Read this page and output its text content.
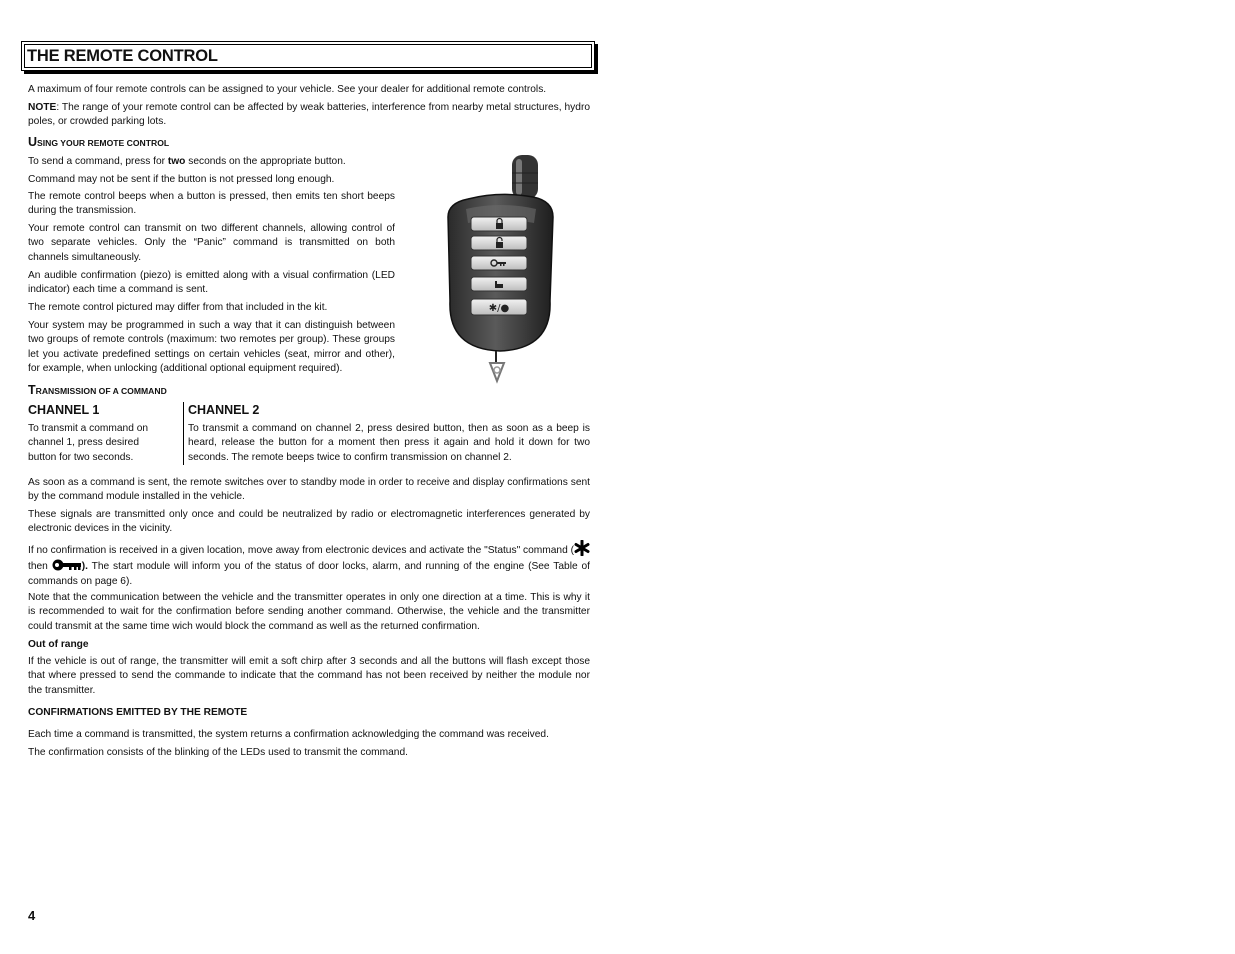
THE REMOTE CONTROL

A maximum of four remote controls can be assigned to your vehicle. See your dealer for additional remote controls.

NOTE: The range of your remote control can be affected by weak batteries, interference from nearby metal structures, hydro poles, or crowded parking lots.

USING YOUR REMOTE CONTROL

To send a command, press for two seconds on the appropriate button.

Command may not be sent if the button is not pressed long enough.

The remote control beeps when a button is pressed, then emits ten short beeps during the transmission.

Your remote control can transmit on two different channels, allowing control of two separate vehicles. Only the “Panic” command is transmitted on both channels simultaneously.

An audible confirmation (piezo) is emitted along with a visual confirmation (LED indicator) each time a command is sent.

The remote control pictured may differ from that included in the kit.

Your system may be programmed in such a way that it can distinguish between two groups of remote controls (maximum: two remotes per group). These groups let you activate predefined settings on certain vehicles (seat, mirror and other), for example, when unlocking (additional optional equipment required).

✱/●

TRANSMISSION OF A COMMAND

CHANNEL 1

To transmit a command on channel 1, press desired button for two seconds.

CHANNEL 2

To transmit a command on channel 2, press desired button, then as soon as a beep is heard, release the button for a moment then press it again and hold it down for two seconds. The remote beeps twice to confirm transmission on channel 2.

As soon as a command is sent, the remote switches over to standby mode in order to receive and display confirmations sent by the command module installed in the vehicle.

These signals are transmitted only once and could be neutralized by radio or electromagnetic interferences generated by electronic devices in the vicinity.

If no confirmation is received in a given location, move away from electronic devices and activate the "Status" command ( then	). The start module will inform you of the status of door locks, alarm, and running of the engine (See Table of commands on page 6).

Note that the communication between the vehicle and the transmitter operates in only one direction at a time. This is why it is recommended to wait for the confirmation before sending another command. Otherwise, the vehicle and the transmitter could transmit at the same time wich would block the command as well as the returned confirmation.

Out of range

If the vehicle is out of range, the transmitter will emit a soft chirp after 3 seconds and all the buttons will flash except those that where pressed to send the commande to indicate that the command has not been received by neither the module nor the transmitter.

CONFIRMATIONS EMITTED BY THE REMOTE

Each time a command is transmitted, the system returns a confirmation acknowledging the command was received.

The confirmation consists of the blinking of the LEDs used to transmit the command.

4
